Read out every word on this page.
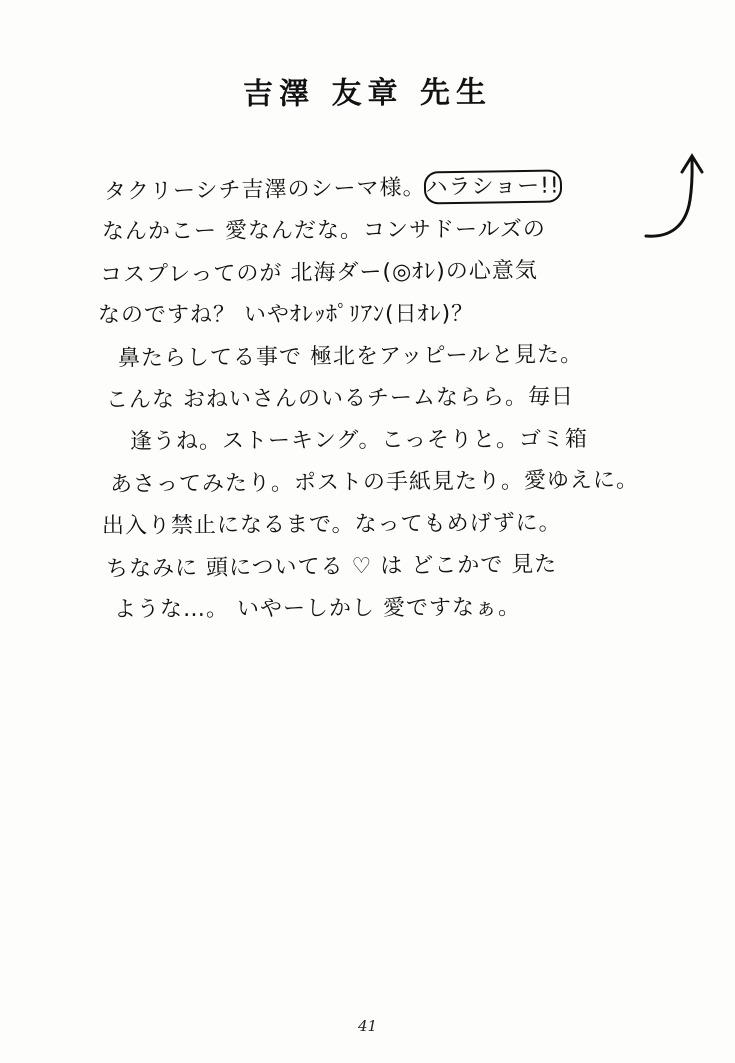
吉澤 友章 先生
タクリーシチ吉澤のシーマ様。ハラショー!!
なんかこー 愛なんだな。コンサドールズの
コスプレってのが 北海ダー(◎ｵﾚ)の心意気
なのですね？ いやｵﾚｯﾎﾟﾘｱﾝ(日ｵﾚ)？
鼻たらしてる事で 極北をアッピールと見た。
こんな おねいさんのいるチームならら。毎日
逢うね。ストーキング。こっそりと。ゴミ箱
あさってみたり。ポストの手紙見たり。愛ゆえに。
出入り禁止になるまで。なってもめげずに。
ちなみに 頭についてる ♡ は どこかで 見た
ような…。 いやーしかし 愛ですなぁ。
41
